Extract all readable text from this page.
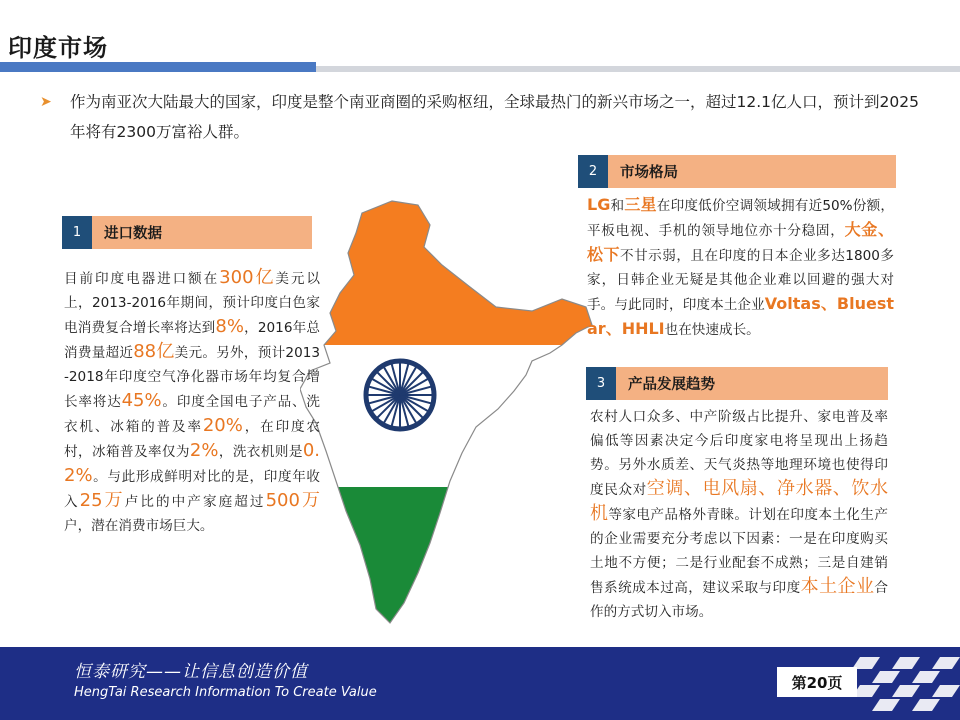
印度市场
➤ 作为南亚次大陆最大的国家，印度是整个南亚商圈的采购枢纽，全球最热门的新兴市场之一，超过12.1亿人口，预计到2025年将有2300万富裕人群。
1	进口数据
目前印度电器进口额在300亿美元以上，2013-2016年期间，预计印度白色家电消费复合增长率将达到8%，2016年总消费量超近88亿美元。另外，预计2013-2018年印度空气净化器市场年均复合增长率将达45%。印度全国电子产品、洗衣机、冰箱的普及率20%，在印度农村，冰箱普及率仅为2%，洗衣机则是0.2%。与此形成鲜明对比的是，印度年收入25万卢比的中产家庭超过500万户，潜在消费市场巨大。
2	市场格局
LG和三星在印度低价空调领域拥有近50%份额，平板电视、手机的领导地位亦十分稳固，大金、松下不甘示弱，且在印度的日本企业多达1800多家，日韩企业无疑是其他企业难以回避的强大对手。与此同时，印度本土企业Voltas、Bluestar、HHLI也在快速成长。
3	产品发展趋势
农村人口众多、中产阶级占比提升、家电普及率偏低等因素决定今后印度家电将呈现出上扬趋势。另外水质差、天气炎热等地理环境也使得印度民众对空调、电风扇、净水器、饮水机等家电产品格外青睐。计划在印度本土化生产的企业需要充分考虑以下因素：一是在印度购买土地不方便；二是行业配套不成熟；三是自建销售系统成本过高，建议采取与印度本土企业合作的方式切入市场。
恒泰研究——让信息创造价值
HengTai Research Information To Create Value
第20页
